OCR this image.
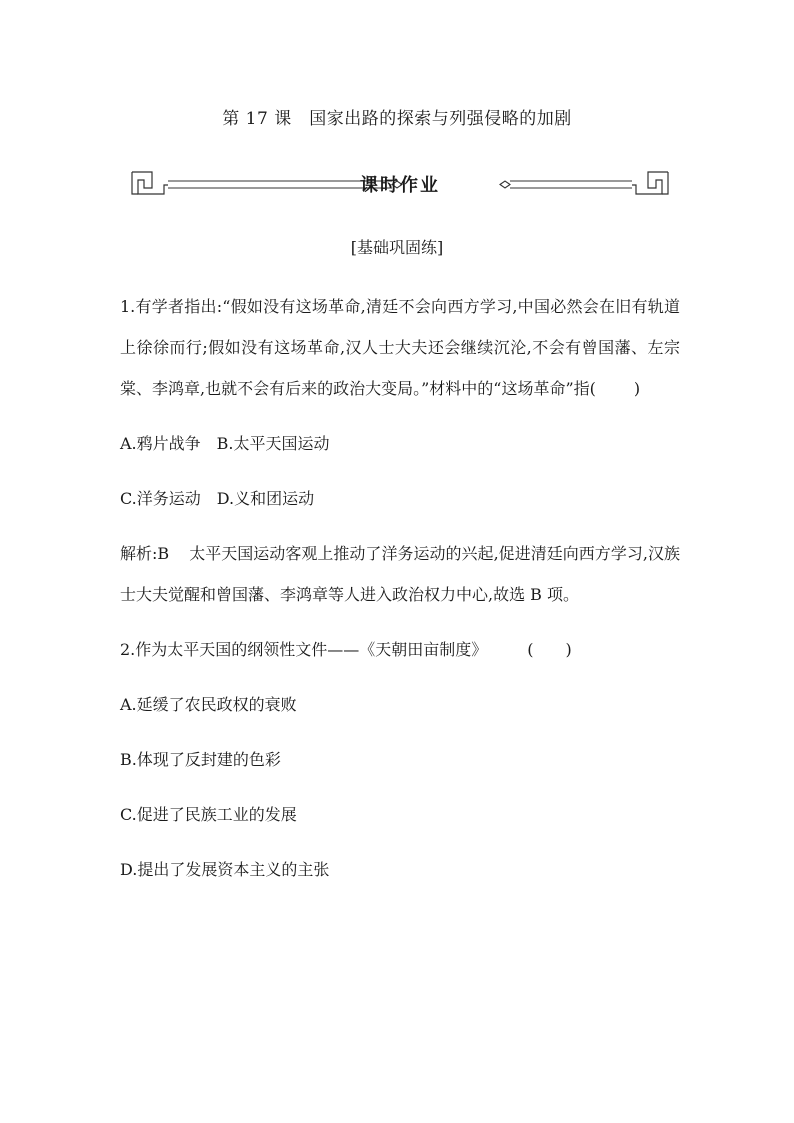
第 17 课　国家出路的探索与列强侵略的加剧
课时作业
[基础巩固练]

1.有学者指出:“假如没有这场革命,清廷不会向西方学习,中国必然会在旧有轨道上徐徐而行;假如没有这场革命,汉人士大夫还会继续沉沦,不会有曾国藩、左宗棠、李鸿章,也就不会有后来的政治大变局。”材料中的“这场革命”指( )

A.鸦片战争 B.太平天国运动

C.洋务运动 D.义和团运动

解析:B 太平天国运动客观上推动了洋务运动的兴起,促进清廷向西方学习,汉族士大夫觉醒和曾国藩、李鸿章等人进入政治权力中心,故选 B 项。

2.作为太平天国的纲领性文件——《天朝田亩制度》	(　　)

A.延缓了农民政权的衰败

B.体现了反封建的色彩

C.促进了民族工业的发展

D.提出了发展资本主义的主张
